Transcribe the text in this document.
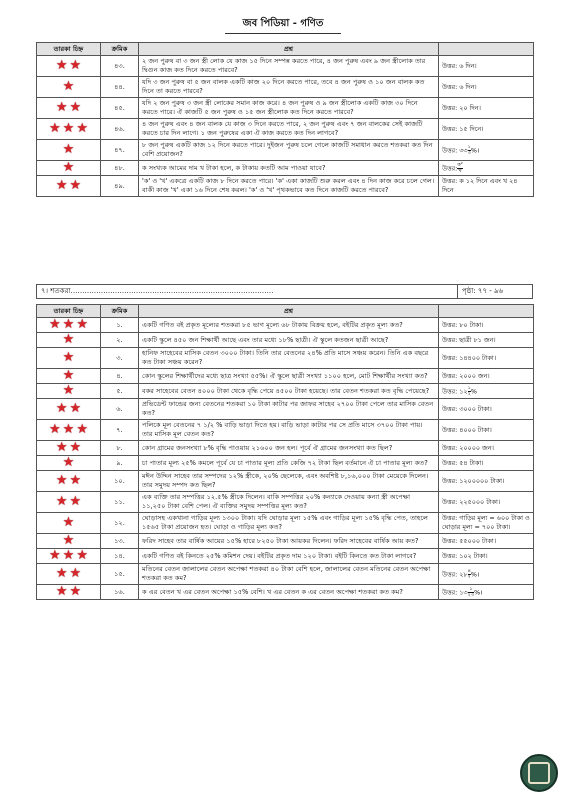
জব পিডিয়া - গণিত
তারকা চিহ্ন	ক্রমিক	প্রশ্ন	
★ ★	৪৩.	২ জন পুরুষ বা ৩ জন স্ত্রী লোক যে কাজ ১৫ দিনে সম্পন্ন করতে পারে, ৪ জন পুরুষ এবং ৯ জন স্ত্রীলোক তার দ্বিগুন কাজ কত দিনে করতে পারবে?	উত্তর: ৬ দিন।
★	৪৪.	যদি ৩ জন পুরুষ বা ৫ জন বালক একটি কাজ ২০ দিনে করতে পারে, তবে ৪ জন পুরুষ ও ১০ জন বালক কত দিনে তা করতে পারবে?	উত্তর: ৬ দিন।
★ ★	৪৫.	যদি ২ জন পুরুষ ৩ জন স্ত্রী লোকের সমান কাজ করে। ৪ জন পুরুষ ও ৯ জন স্ত্রীলোক একটি কাজ ৩০ দিনে করতে পারে। ঐ কাজটি ৫ জন পুরুষ ও ১৫ জন স্ত্রীলোক কত দিনে করতে পারবে?	উত্তর: ২০ দিন।
★ ★ ★	৪৬.	৪ জন পুরুষ এবং ৪ জন বালক যে কাজ ৩ দিনে করতে পারে, ২ জন পুরুষ এবং ৭ জন বালকের সেই কাজটি করতে চার দিন লাগে। ১ জন পুরুষের একা ঐ কাজ করতে কত দিন লাগবে?	উত্তর: ১৫ দিনে।
★	৪৭.	৮ জন পুরুষ একটি কাজ ১২ দিনে করতে পারে। দুইজন পুরুষ চলে গেলে কাজটি সমাধান করতে শতকরা কত দিন বেশি প্রয়োজন?	উত্তর: ৩৩ $\frac{১}{৩}$ %।
★	৪৮.	ক সংখ্যক আমের দাম খ টাকা হলে, ক টাকায় কতটি আম পাওয়া যাবে?	উত্তর: $\frac{\text{ক²}}{\text{খ}}$

★ ★	৪৯.	'ক' ও 'খ' একত্রে একটি কাজ ৮ দিনে করতে পারে। 'ক' একা কাজটি শুরু করল এবং ৪ দিন কাজ করে চলে গেল। বাকী কাজ 'খ' একা ১৬ দিনে শেষ করল। 'ক' ও 'খ' পৃথকভাবে কত দিনে কাজটি করতে পারবে?	উত্তর: ক ১২ দিনে এবং খ ২৪ দিনে
৭। শতকরা……………………………………………………………………………	পৃষ্ঠা: ৭৭ - ৯৬
তারকা চিহ্ন	ক্রমিক	প্রশ্ন	
★ ★ ★	১.	একটি গণিত বই প্রকৃত মূল্যের শতকরা ৮৫ ভাগ মূল্যে ৬৮ টাকায় বিক্রয় হলে, বইটির প্রকৃত মূল্য কত?	উত্তর: ৮০ টাকা।
★	২.	একটি স্কুলে ৪৫০ জন শিক্ষার্থী আছে এবং তার মধ্যে ১৮% ছাত্রী। ঐ স্কুলে কতজন ছাত্রী আছে?	উত্তর: ছাত্রী ৮১ জন।
★	৩.	হানিফ সাহেবের মাসিক বেতন ৩০০০ টাকা। তিনি তার বেতনের ২৪% প্রতি মাসে সঞ্চয় করেন। তিনি এক বছরে কত টাকা সঞ্চয় করেন?	উত্তর: ১৪৪০০ টাকা।
★	৪.	কোন স্কুলের শিক্ষার্থীদের মধ্যে ছাত্র সংখ্যা ৫৫%। ঐ স্কুলে ছাত্রী সংখ্যা ১১০০ হলে, মোট শিক্ষার্থীর সংখ্যা কত?	উত্তর: ২০০০ জন।
★	৫.	বকর সাহেবের বেতন ৪০০০ টাকা থেকে বৃদ্ধি পেয়ে ৪৫০০ টাকা হয়েছে। তার বেতন শতকরা কত বৃদ্ধি পেয়েছে?	উত্তর: ১২ $\frac{১}{২}$ %
★ ★	৬.	প্রভিডেন্ট ফান্ডের জন্য বেতনের শতকরা ১০ টাকা কাটার পর জাফর সাহেব ২৭০০ টাকা পেলে তার মাসিক বেতন কত?	উত্তর: ৩০০০ টাকা।
★ ★ ★	৭.	পলিকে মূল বেতনের ৭ ১/২ % বাড়ি ভাড়া দিতে হয়। বাড়ি ভাড়া কাটার পর সে প্রতি মাসে ৩৭০০ টাকা পায়। তার মাসিক মূল বেতন কত?	উত্তর: ৪০০০ টাকা।
★ ★	৮.	কোন গ্রামের জনসংখ্যা ৮% বৃদ্ধি পাওয়ায় ২১৬০০ জন হল। পূর্বে ঐ গ্রামের জনসংখ্যা কত ছিল?	উত্তর: ২০০০০ জন।
★	৯.	চা পাতার মূল্য ২৫% কমলে পূর্বে যে চা পাতার মূল্য প্রতি কেজি ৭২ টাকা ছিল বর্তমানে ঐ চা পাতার মূল্য কত?	উত্তর: ৫৪ টাকা।
★ ★	১০.	মঈন উদ্দিন সাহেব তার সম্পদের ১২% স্ত্রীকে, ২০% ছেলেকে, এবং অবশিষ্ট ৮,১৬,০০০ টাকা মেয়েকে দিলেন। তার সমুদয় সম্পদ কত ছিল?	উত্তর: ১২০০০০০ টাকা।
★ ★	১১.	এক ব্যক্তি তার সম্পত্তির ১২.৫% স্ত্রীকে দিলেন। বাকি সম্পত্তির ২০% কন্যাকে দেওয়ায় কন্যা স্ত্রী অপেক্ষা ১১,২৫০ টাকা বেশি পেল। ঐ ব্যক্তির সমুদয় সম্পত্তির মূল্য কত?	উত্তর: ২২৫০০০ টাকা।
★	১২.	ঘোড়াসহ একখানা গাড়ির মূল্য ১৩০০ টাকা। যদি ঘোড়ার মূল্য ১৫% এবং গাড়ির মূল্য ১৫% বৃদ্ধি পেত, তাহলে ১৫৬৫ টাকা প্রয়োজন হত। ঘোড়া ও গাড়ির মূল্য কত?	উত্তর: গাড়ির মূল্য = ৬০০ টাকা ও ঘোড়ার মূল্য = ৭০০ টাকা।
★	১৩.	ফরিদ সাহেব তার বার্ষিক আয়ের ১৫% হারে ৮২৫০ টাকা আয়কর দিলেন। ফরিদ সাহেবের বার্ষিক আয় কত?	উত্তর: ৫৫০০০ টাকা।
★ ★ ★	১৪.	একটি গণিত বই কিনতে ২৫% কমিশন দেয়। বইটির প্রকৃত দাম ১২০ টাকা। বইটি কিনতে কত টাকা লাগবে?	উত্তর: ১০২ টাকা।
★ ★	১৫.	মতিনের বেতন জালালের বেতন অপেক্ষা শতকরা ৪০ টাকা বেশি হলে, জালালের বেতন মতিনের বেতন অপেক্ষা শতকরা কত কম?	উত্তর: ২৮ $\frac{৪}{৭}$ %।
★ ★	১৬.	ক এর বেতন খ এর বেতন অপেক্ষা ১৫% বেশি। খ এর বেতন ক এর বেতন অপেক্ষা শতকরা কত কম?	উত্তর: ১৩ $\frac{১}{২৩}$ %।
